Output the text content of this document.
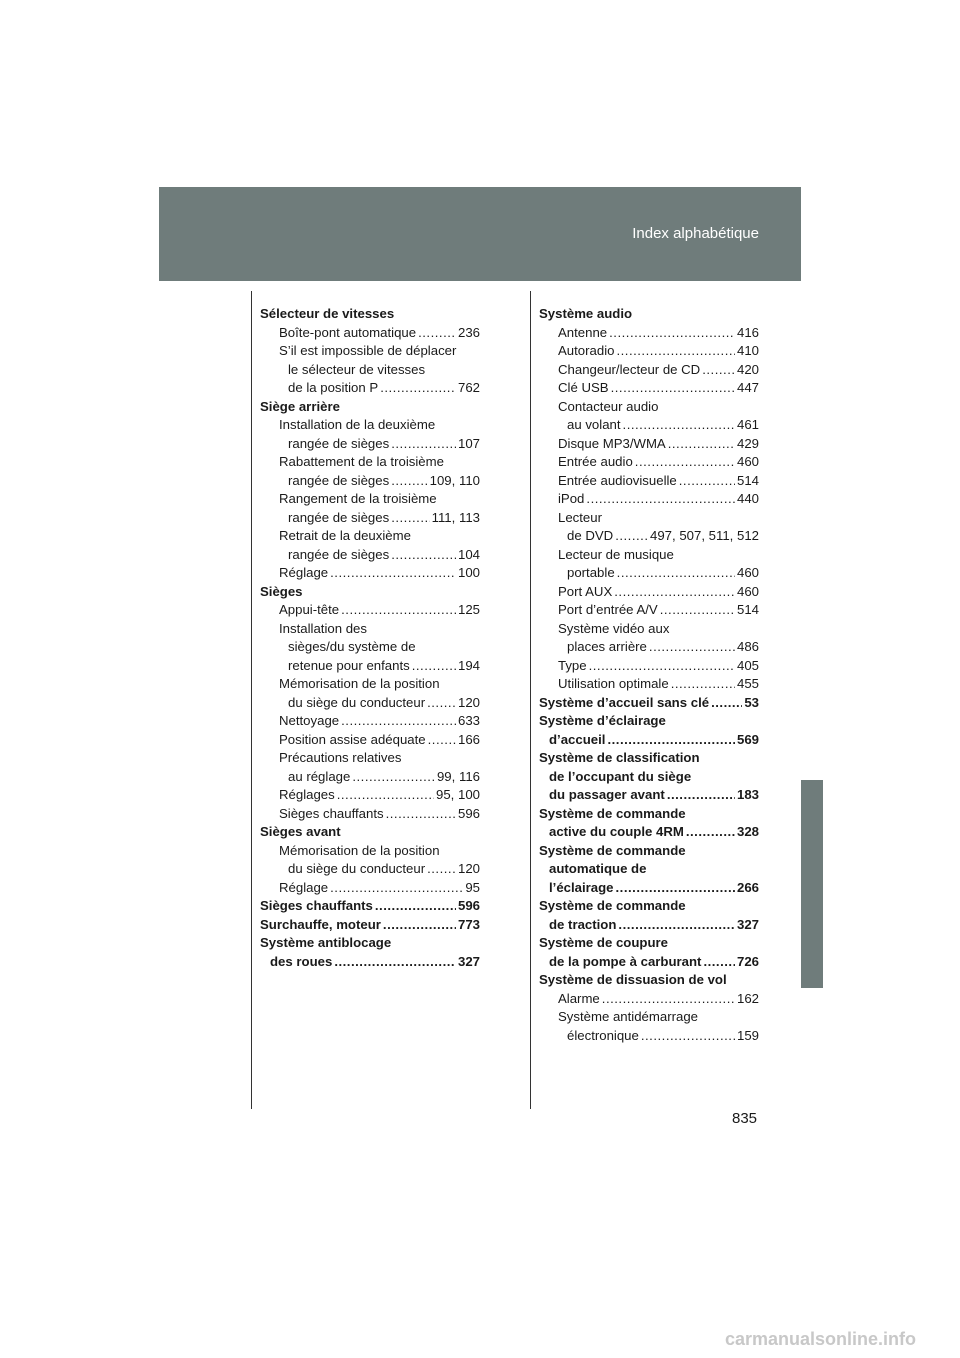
Index alphabétique
Sélecteur de vitesses
Boîte-pont automatique .....	236
S’il est impossible de déplacer
le sélecteur de vitesses
de la position P .....	762
Siège arrière
Installation de la deuxième
rangée de sièges .....	107
Rabattement de la troisième
rangée de sièges .....	109, 110
Rangement de la troisième
rangée de sièges .....	111, 113
Retrait de la deuxième
rangée de sièges .....	104
Réglage .....	100
Sièges
Appui-tête .....	125
Installation des
sièges/du système de
retenue pour enfants .....	194
Mémorisation de la position
du siège du conducteur ..... 120
Nettoyage .....	633
Position assise adéquate ..... 166
Précautions relatives
au réglage .....	99, 116
Réglages .....	95, 100
Sièges chauffants .....	596
Sièges avant
Mémorisation de la position
du siège du conducteur ..... 120
Réglage .....	95
Sièges chauffants .....	596
Surchauffe, moteur .....	773
Système antiblocage
des roues .....	327
Système audio
Antenne .....	416
Autoradio .....	410
Changeur/lecteur de CD .....	420
Clé USB .....	447
Contacteur audio
au volant .....	461
Disque MP3/WMA .....	429
Entrée audio .....	460
Entrée audiovisuelle .....	514
iPod .....	440
Lecteur
de DVD .....	497, 507, 511, 512
Lecteur de musique
portable .....	460
Port AUX .....	460
Port d’entrée A/V .....	514
Système vidéo aux
places arrière .....	486
Type .....	405
Utilisation optimale .....	455
Système d’accueil sans clé .....	53
Système d’éclairage
d’accueil .....	569
Système de classification
de l’occupant du siège
du passager avant .....	183
Système de commande
active du couple 4RM .....	328
Système de commande
automatique de
l’éclairage .....	266
Système de commande
de traction .....	327
Système de coupure
de la pompe à carburant .....	726
Système de dissuasion de vol
Alarme .....	162
Système antidémarrage
électronique .....	159
835
carmanualsonline.info
